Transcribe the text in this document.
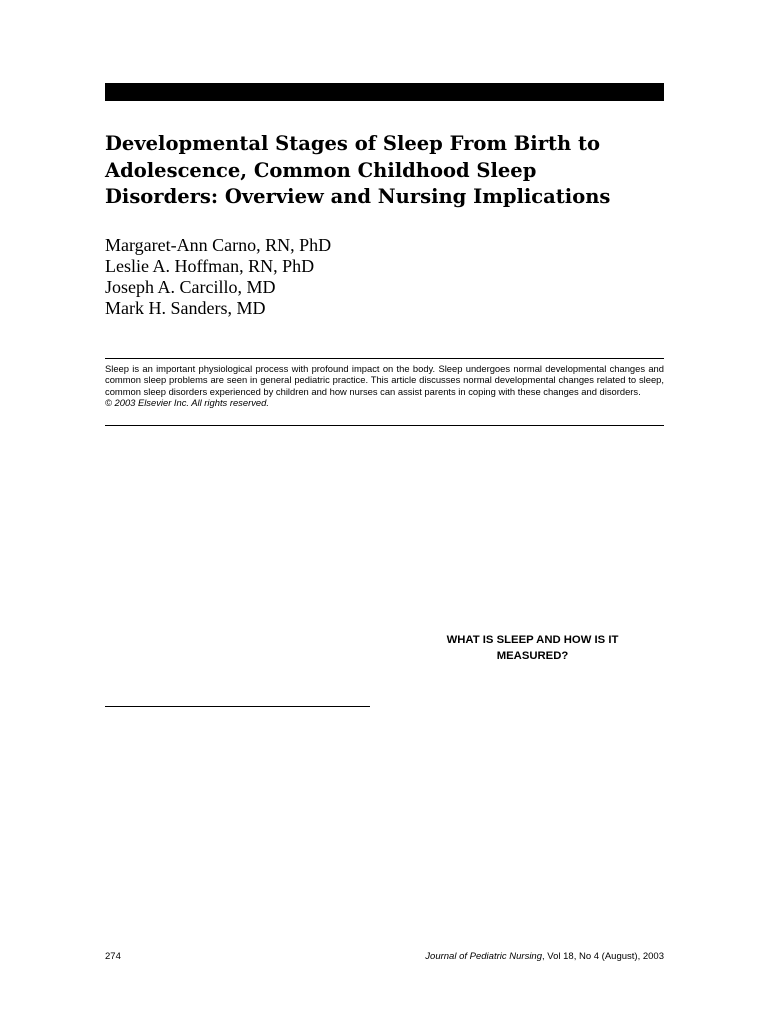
Developmental Stages of Sleep From Birth to
Adolescence, Common Childhood Sleep
Disorders: Overview and Nursing Implications
Margaret-Ann Carno, RN, PhD
Leslie A. Hoffman, RN, PhD
Joseph A. Carcillo, MD
Mark H. Sanders, MD

Sleep is an important physiological process with profound impact on the body. Sleep undergoes normal developmental changes and common sleep problems are seen in general pediatric practice. This article discusses normal developmental changes related to sleep, common sleep disorders experienced by children and how nurses can assist parents in coping with these changes and disorders.

© 2003 Elsevier Inc. All rights reserved.

WHAT IS SLEEP AND HOW IS IT
MEASURED?
274	Journal of Pediatric Nursing, Vol 18, No 4 (August), 2003
